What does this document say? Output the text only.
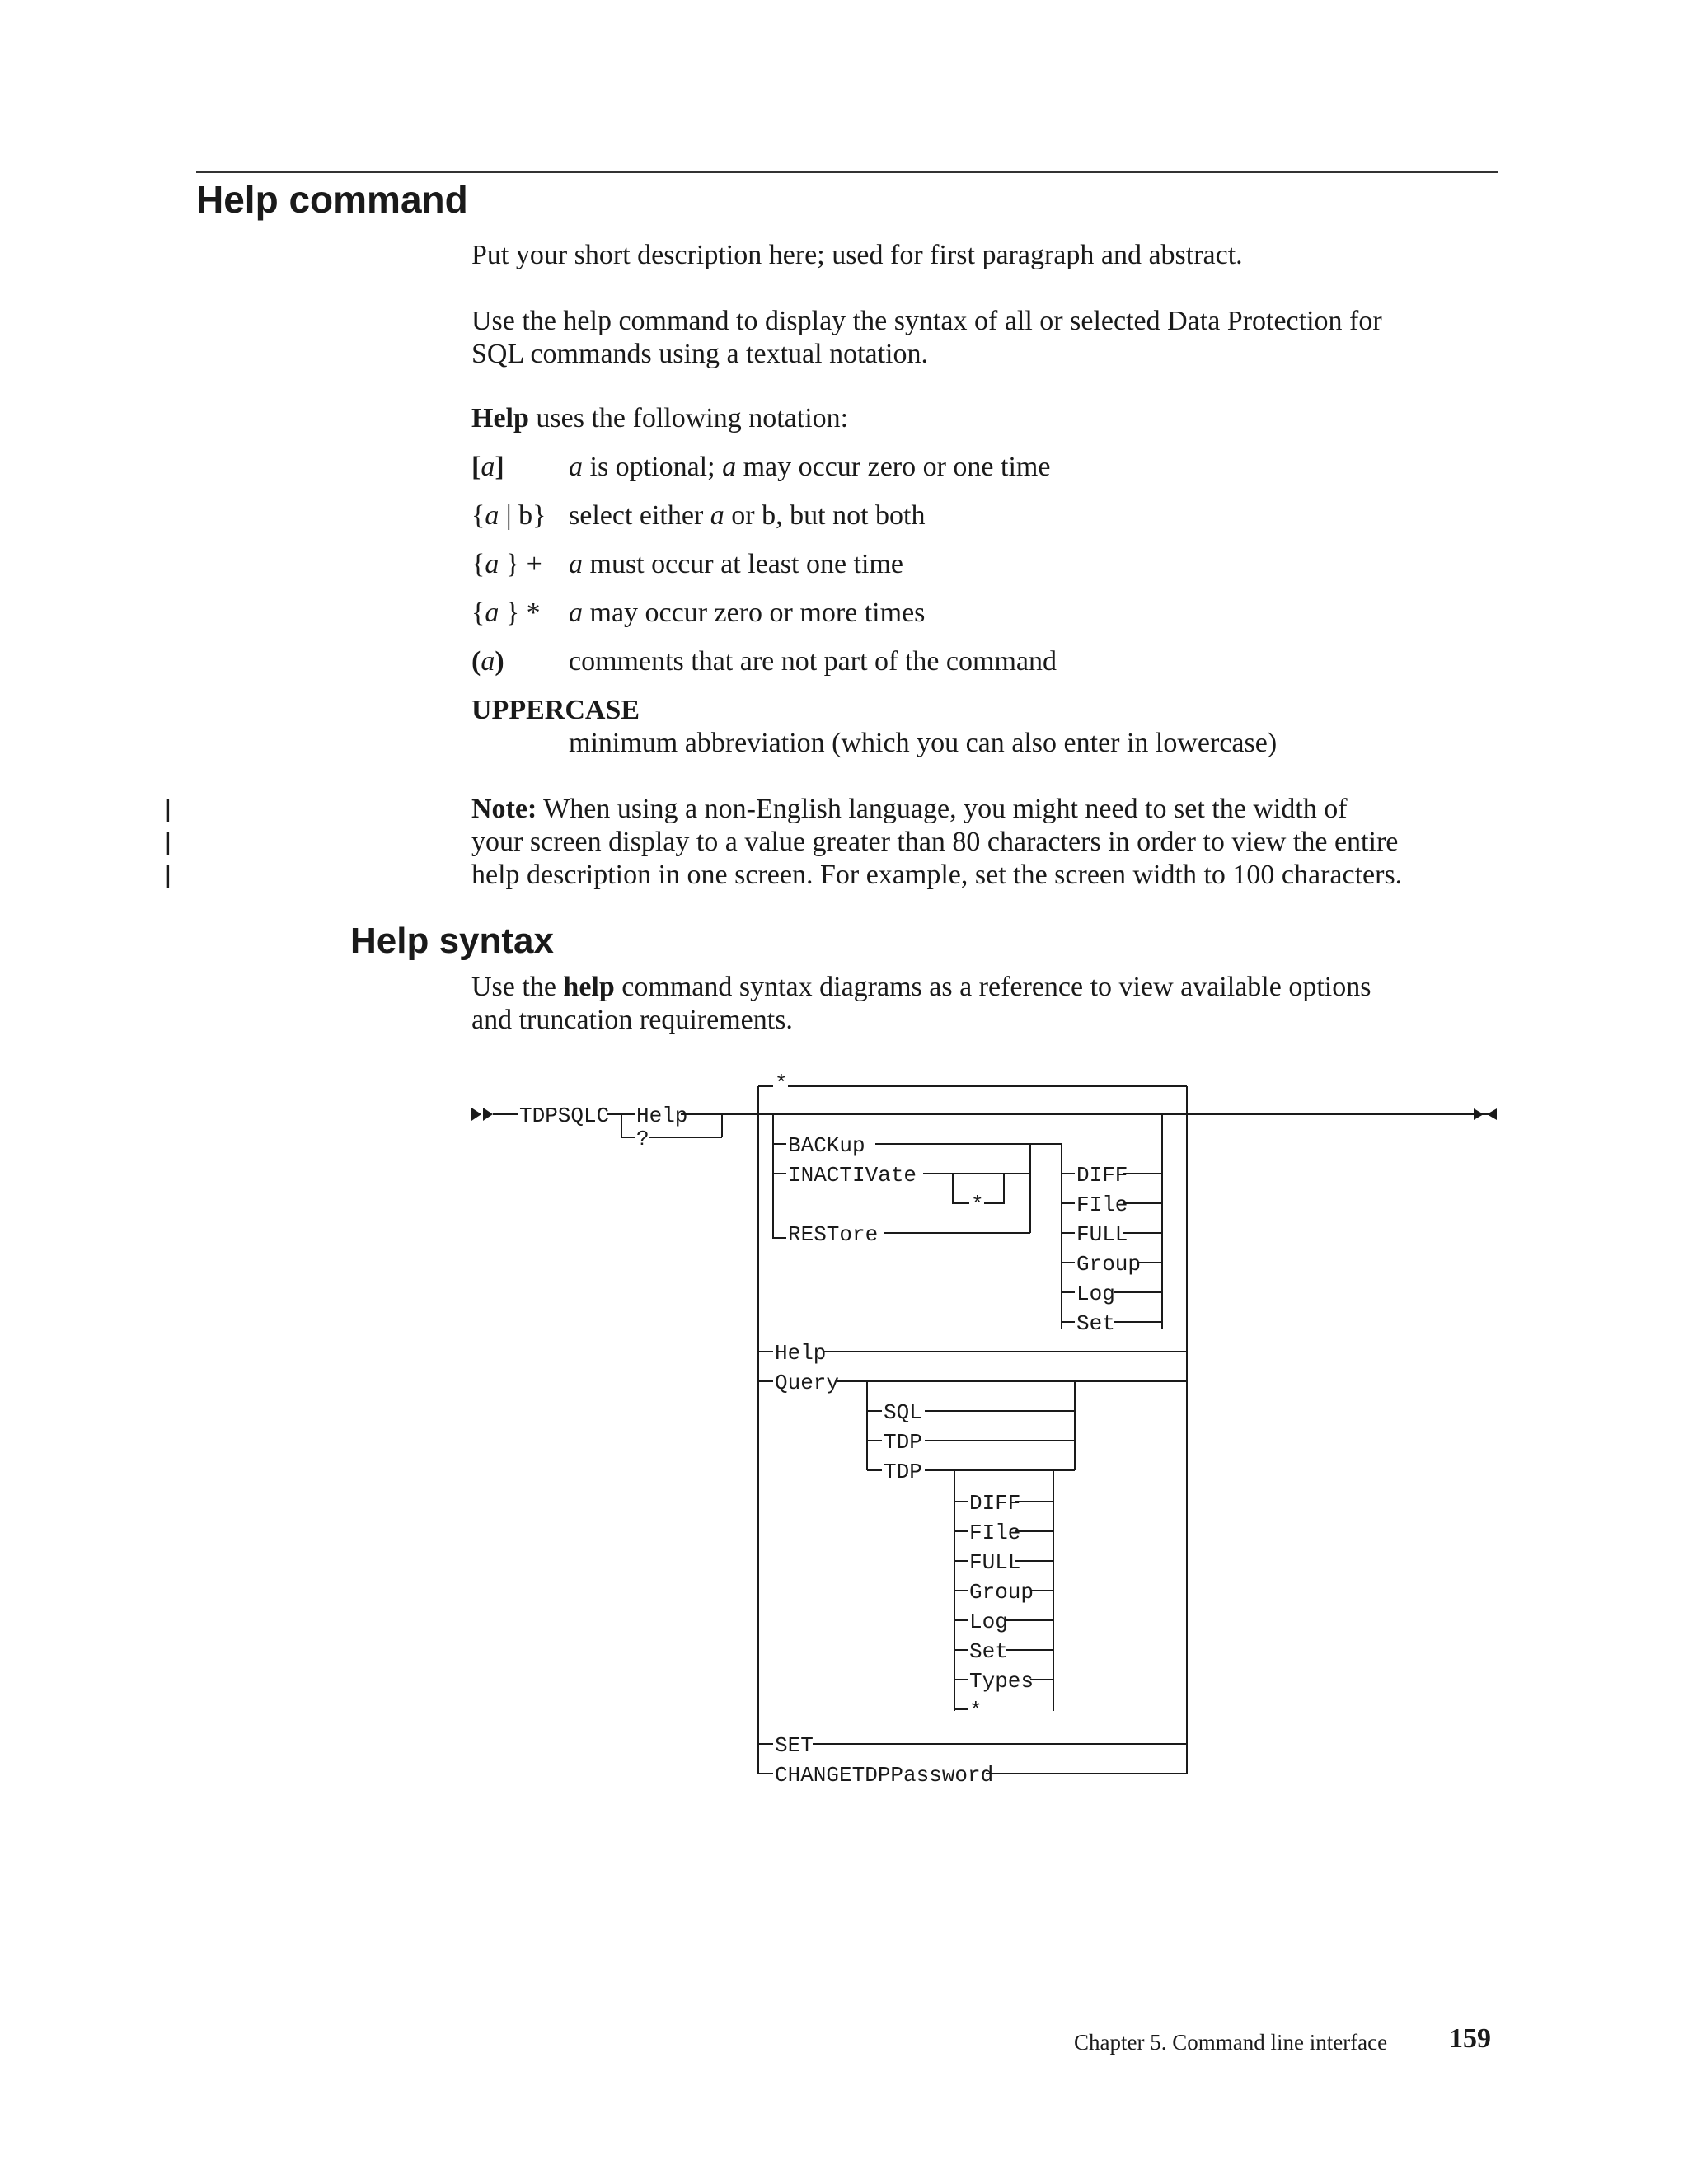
Help command

Put your short description here; used for first paragraph and abstract.

Use the help command to display the syntax of all or selected Data Protection for
SQL commands using a textual notation.

Help uses the following notation:

[a] a is optional; a may occur zero or one time
{a | b} select either a or b, but not both
{a } + a must occur at least one time
{a } * a may occur zero or more times
(a) comments that are not part of the command
UPPERCASE
minimum abbreviation (which you can also enter in lowercase)
|
|
|

Note: When using a non-English language, you might need to set the width of
your screen display to a value greater than 80 characters in order to view the entire
help description in one screen. For example, set the screen width to 100 characters.

Help syntax

Use the help command syntax diagrams as a reference to view available options
and truncation requirements.

TDPSQLC Help
?
*
BACKup
INACTIVate
*
RESTore
DIFF
FIle
FULL
Group
Log
Set
Help
Query
SQL
TDP
TDP
DIFF
FIle
FULL
Group
Log
Set
Types
*
SET
CHANGETDPPassword
Chapter 5. Command line interface 159
